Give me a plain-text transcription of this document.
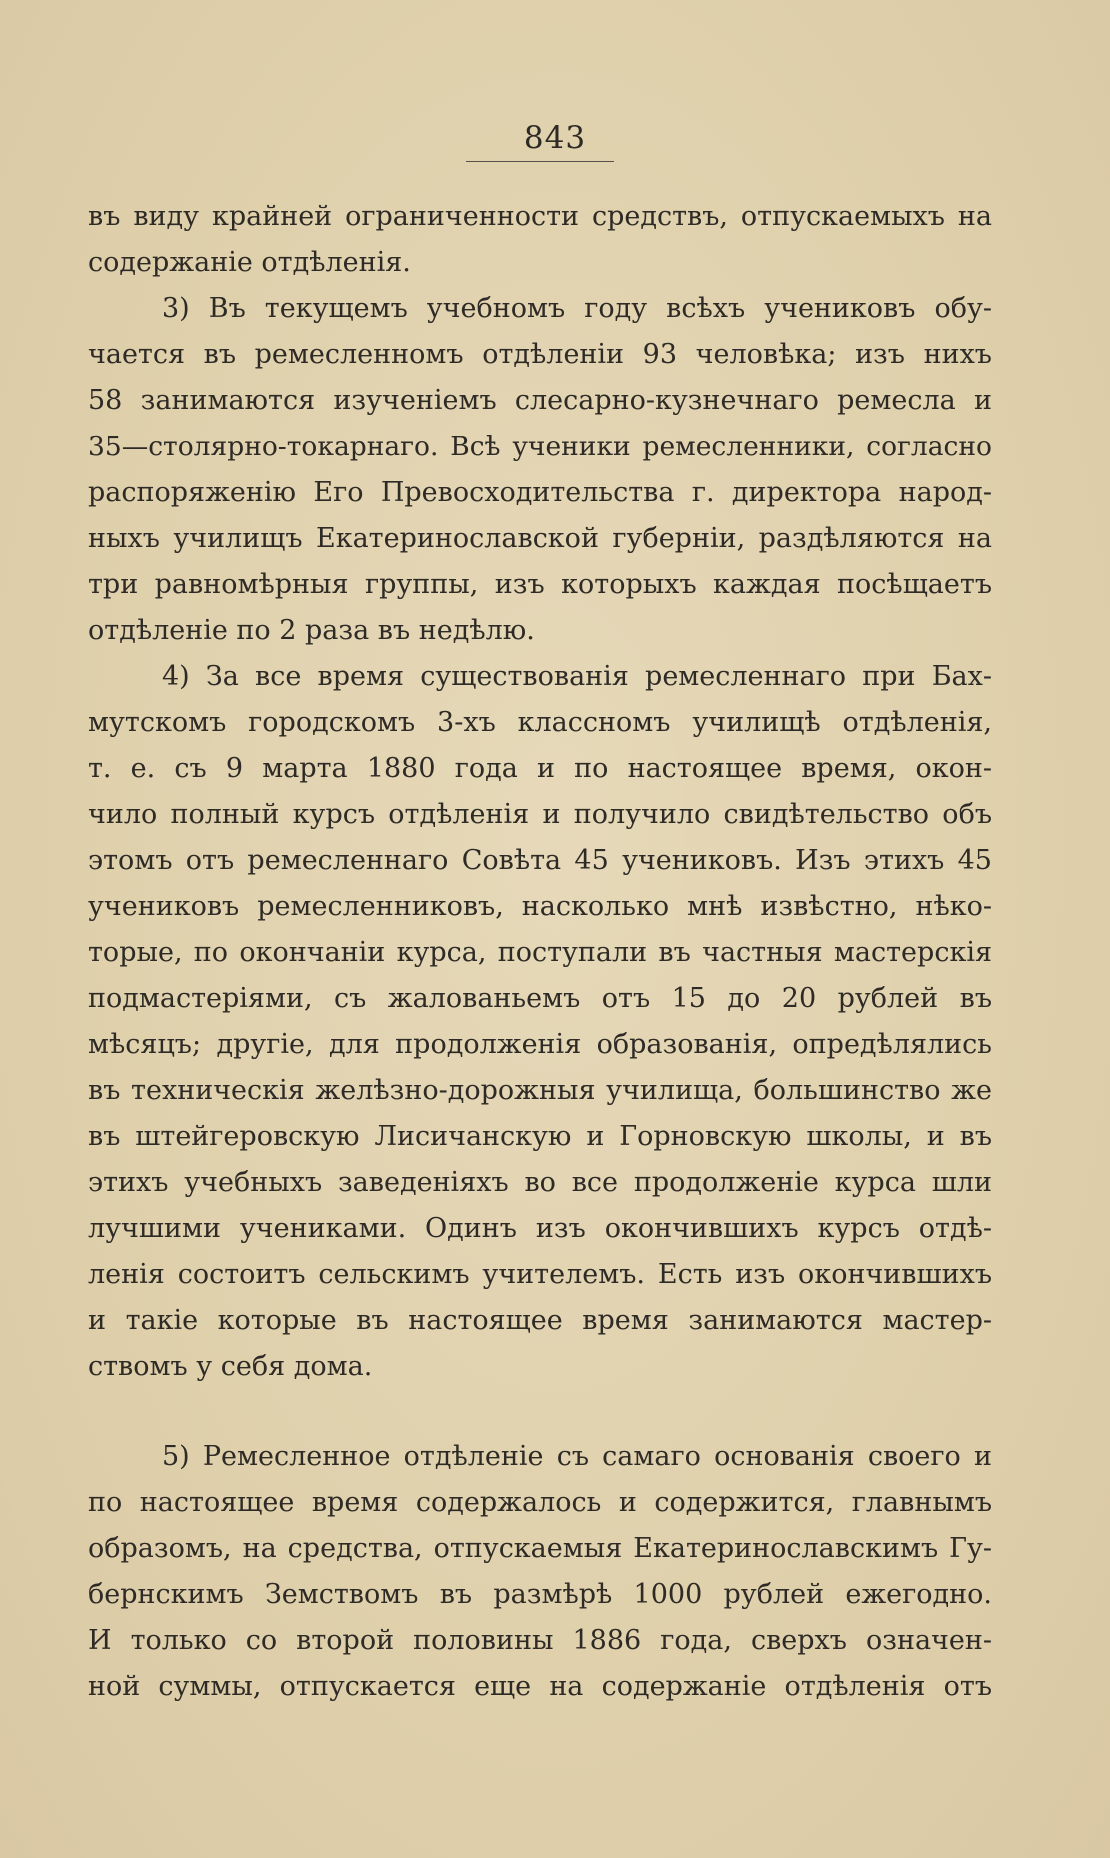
843
въ виду крайней ограниченности средствъ, отпускаемыхъ на
содержаніе отдѣленія.
3) Въ текущемъ учебномъ году всѣхъ учениковъ обу-
чается въ ремесленномъ отдѣленіи 93 человѣка; изъ нихъ
58 занимаются изученіемъ слесарно-кузнечнаго ремесла и
35—столярно-токарнаго. Всѣ ученики ремесленники, согласно
распоряженію Его Превосходительства г. директора народ-
ныхъ училищъ Екатеринославской губерніи, раздѣляются на
три равномѣрныя группы, изъ которыхъ каждая посѣщаетъ
отдѣленіе по 2 раза въ недѣлю.
4) За все время существованія ремесленнаго при Бах-
мутскомъ городскомъ 3-хъ классномъ училищѣ отдѣленія,
т. е. съ 9 марта 1880 года и по настоящее время, окон-
чило полный курсъ отдѣленія и получило свидѣтельство объ
этомъ отъ ремесленнаго Совѣта 45 учениковъ. Изъ этихъ 45
учениковъ ремесленниковъ, насколько мнѣ извѣстно, нѣко-
торые, по окончаніи курса, поступали въ частныя мастерскія
подмастеріями, съ жалованьемъ отъ 15 до 20 рублей въ
мѣсяцъ; другіе, для продолженія образованія, опредѣлялись
въ техническія желѣзно-дорожныя училища, большинство же
въ штейгеровскую Лисичанскую и Горновскую школы, и въ
этихъ учебныхъ заведеніяхъ во все продолженіе курса шли
лучшими учениками. Одинъ изъ окончившихъ курсъ отдѣ-
ленія состоитъ сельскимъ учителемъ. Есть изъ окончившихъ
и такіе которые въ настоящее время занимаются мастер-
ствомъ у себя дома.
5) Ремесленное отдѣленіе съ самаго основанія своего и
по настоящее время содержалось и содержится, главнымъ
образомъ, на средства, отпускаемыя Екатеринославскимъ Гу-
бернскимъ Земствомъ въ размѣрѣ 1000 рублей ежегодно.
И только со второй половины 1886 года, сверхъ означен-
ной суммы, отпускается еще на содержаніе отдѣленія отъ
